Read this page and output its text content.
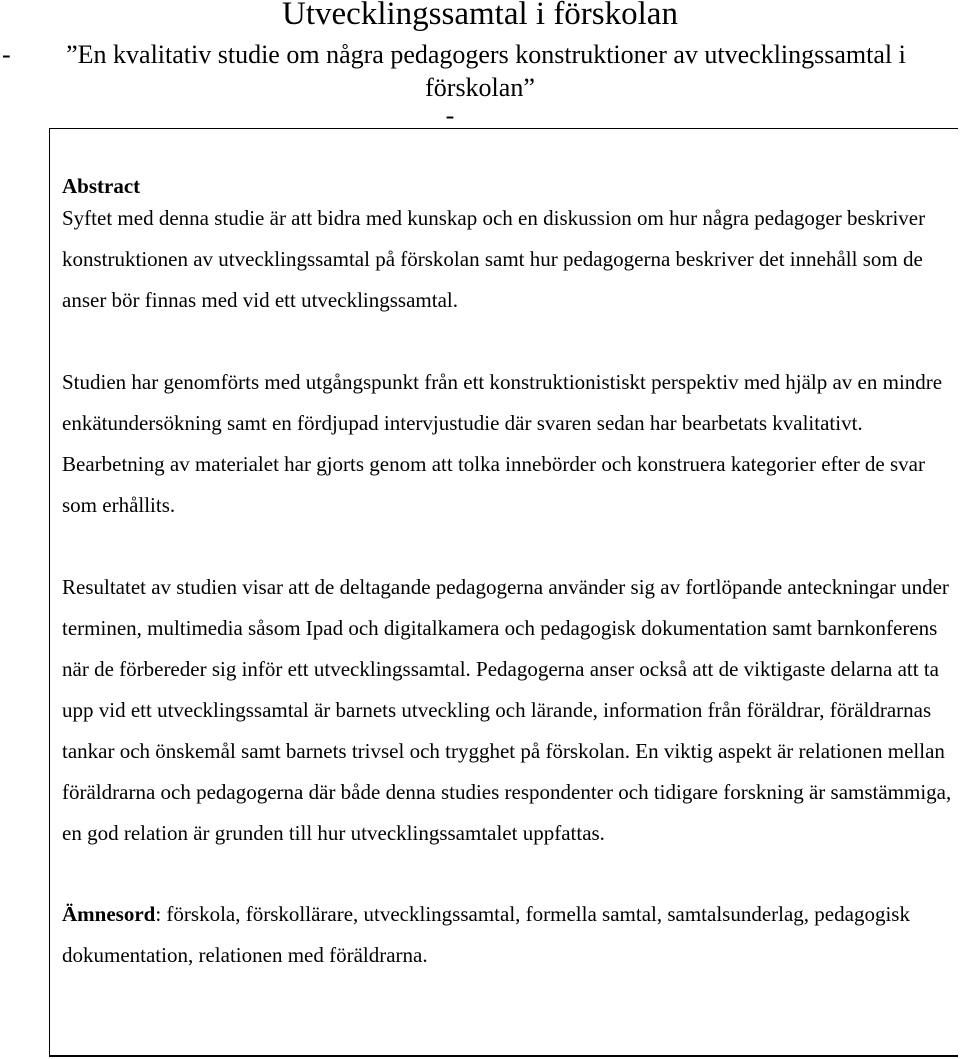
Utvecklingssamtal i förskolan
-	”En kvalitativ studie om några pedagogers konstruktioner av utvecklingssamtal i
förskolan”
-

Abstract

Syftet med denna studie är att bidra med kunskap och en diskussion om hur några pedagoger beskriver konstruktionen av utvecklingssamtal på förskolan samt hur pedagogerna beskriver det innehåll som de anser bör finnas med vid ett utvecklingssamtal.

Studien har genomförts med utgångspunkt från ett konstruktionistiskt perspektiv med hjälp av en mindre enkätundersökning samt en fördjupad intervjustudie där svaren sedan har bearbetats kvalitativt. Bearbetning av materialet har gjorts genom att tolka innebörder och konstruera kategorier efter de svar som erhållits.

Resultatet av studien visar att de deltagande pedagogerna använder sig av fortlöpande anteckningar under terminen, multimedia såsom Ipad och digitalkamera och pedagogisk dokumentation samt barnkonferens när de förbereder sig inför ett utvecklingssamtal. Pedagogerna anser också att de viktigaste delarna att ta upp vid ett utvecklingssamtal är barnets utveckling och lärande, information från föräldrar, föräldrarnas tankar och önskemål samt barnets trivsel och trygghet på förskolan. En viktig aspekt är relationen mellan föräldrarna och pedagogerna där både denna studies respondenter och tidigare forskning är samstämmiga, en god relation är grunden till hur utvecklingssamtalet uppfattas.

Ämnesord: förskola, förskollärare, utvecklingssamtal, formella samtal, samtalsunderlag, pedagogisk dokumentation, relationen med föräldrarna.
